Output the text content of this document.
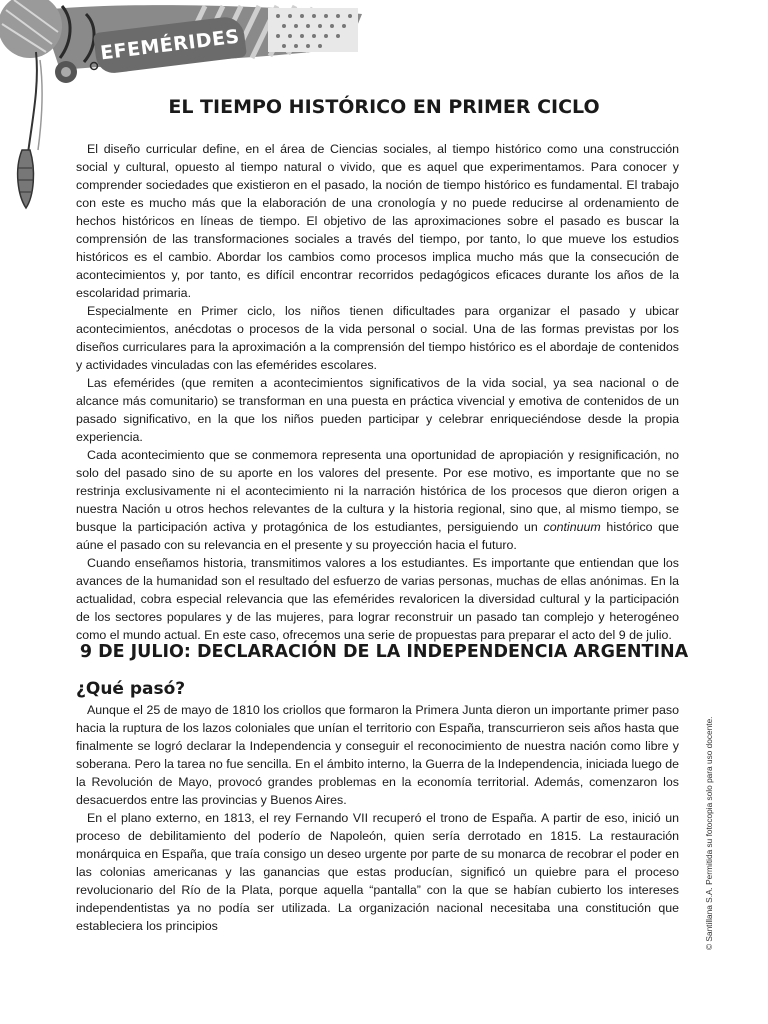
EFEMÉRIDES
EL TIEMPO HISTÓRICO EN PRIMER CICLO

El diseño curricular define, en el área de Ciencias sociales, al tiempo histórico como una construcción social y cultural, opuesto al tiempo natural o vivido, que es aquel que experimentamos. Para conocer y comprender sociedades que existieron en el pasado, la noción de tiempo histórico es fundamental. El trabajo con este es mucho más que la elaboración de una cronología y no puede reducirse al ordenamiento de hechos históricos en líneas de tiempo. El objetivo de las aproximaciones sobre el pasado es buscar la comprensión de las transformaciones sociales a través del tiempo, por tanto, lo que mueve los estudios históricos es el cambio. Abordar los cambios como procesos implica mucho más que la consecución de acontecimientos y, por tanto, es difícil encontrar recorridos pedagógicos eficaces durante los años de la escolaridad primaria.

Especialmente en Primer ciclo, los niños tienen dificultades para organizar el pasado y ubicar acontecimientos, anécdotas o procesos de la vida personal o social. Una de las formas previstas por los diseños curriculares para la aproximación a la comprensión del tiempo histórico es el abordaje de contenidos y actividades vinculadas con las efemérides escolares.

Las efemérides (que remiten a acontecimientos significativos de la vida social, ya sea nacional o de alcance más comunitario) se transforman en una puesta en práctica vivencial y emotiva de contenidos de un pasado significativo, en la que los niños pueden participar y celebrar enriqueciéndose desde la propia experiencia.

Cada acontecimiento que se conmemora representa una oportunidad de apropiación y resignificación, no solo del pasado sino de su aporte en los valores del presente. Por ese motivo, es importante que no se restrinja exclusivamente ni el acontecimiento ni la narración histórica de los procesos que dieron origen a nuestra Nación u otros hechos relevantes de la cultura y la historia regional, sino que, al mismo tiempo, se busque la participación activa y protagónica de los estudiantes, persiguiendo un continuum histórico que aúne el pasado con su relevancia en el presente y su proyección hacia el futuro.

Cuando enseñamos historia, transmitimos valores a los estudiantes. Es importante que entiendan que los avances de la humanidad son el resultado del esfuerzo de varias personas, muchas de ellas anónimas. En la actualidad, cobra especial relevancia que las efemérides revaloricen la diversidad cultural y la participación de los sectores populares y de las mujeres, para lograr reconstruir un pasado tan complejo y heterogéneo como el mundo actual. En este caso, ofrecemos una serie de propuestas para preparar el acto del 9 de julio.

9 DE JULIO: DECLARACIÓN DE LA INDEPENDENCIA ARGENTINA
¿Qué pasó?

Aunque el 25 de mayo de 1810 los criollos que formaron la Primera Junta dieron un importante primer paso hacia la ruptura de los lazos coloniales que unían el territorio con España, transcurrieron seis años hasta que finalmente se logró declarar la Independencia y conseguir el reconocimiento de nuestra nación como libre y soberana. Pero la tarea no fue sencilla. En el ámbito interno, la Guerra de la Independencia, iniciada luego de la Revolución de Mayo, provocó grandes problemas en la economía territorial. Además, comenzaron los desacuerdos entre las provincias y Buenos Aires.

En el plano externo, en 1813, el rey Fernando VII recuperó el trono de España. A partir de eso, inició un proceso de debilitamiento del poderío de Napoleón, quien sería derrotado en 1815. La restauración monárquica en España, que traía consigo un deseo urgente por parte de su monarca de recobrar el poder en las colonias americanas y las ganancias que estas producían, significó un quiebre para el proceso revolucionario del Río de la Plata, porque aquella “pantalla” con la que se habían cubierto los intereses independentistas ya no podía ser utilizada. La organización nacional necesitaba una constitución que estableciera los principios	© Santillana S.A. Permitida su fotocopia solo para uso docente.
